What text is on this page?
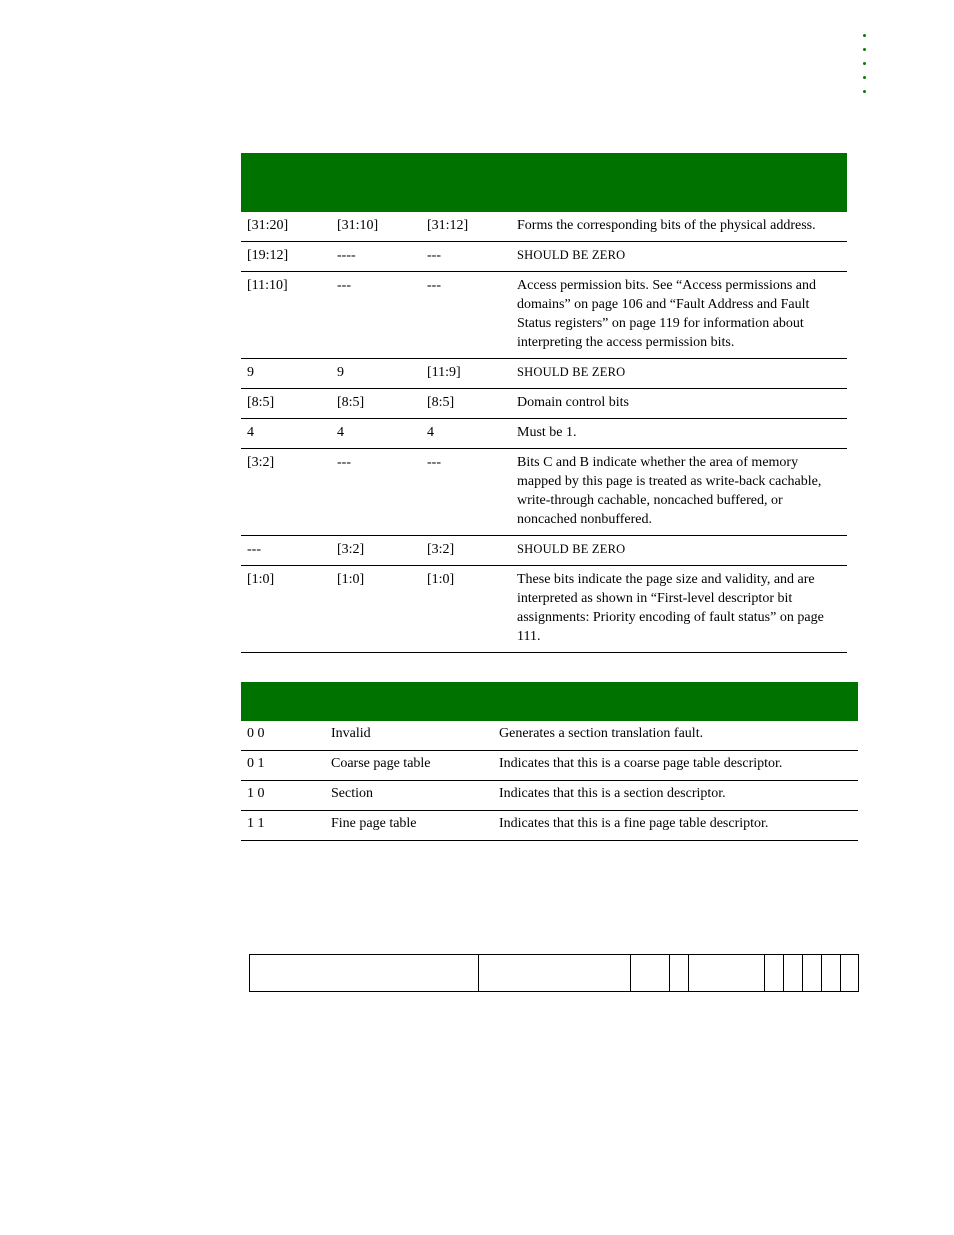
[31:20]	[31:10]	[31:12]	Forms the corresponding bits of the physical address.
[19:12]	----	---	SHOULD BE ZERO
[11:10]	---	---	Access permission bits. See “Access permissions and domains” on page 106 and “Fault Address and Fault Status registers” on page 119 for information about interpreting the access permission bits.
9	9	[11:9]	SHOULD BE ZERO
[8:5]	[8:5]	[8:5]	Domain control bits
4	4	4	Must be 1.
[3:2]	---	---	Bits C and B indicate whether the area of memory mapped by this page is treated as write-back cachable, write-through cachable, noncached buffered, or noncached nonbuffered.
---	[3:2]	[3:2]	SHOULD BE ZERO
[1:0]	[1:0]	[1:0]	These bits indicate the page size and validity, and are interpreted as shown in “First-level descriptor bit assignments: Priority encoding of fault status” on page 111.

0 0	Invalid	Generates a section translation fault.
0 1	Coarse page table	Indicates that this is a coarse page table descriptor.
1 0	Section	Indicates that this is a section descriptor.
1 1	Fine page table	Indicates that this is a fine page table descriptor.
